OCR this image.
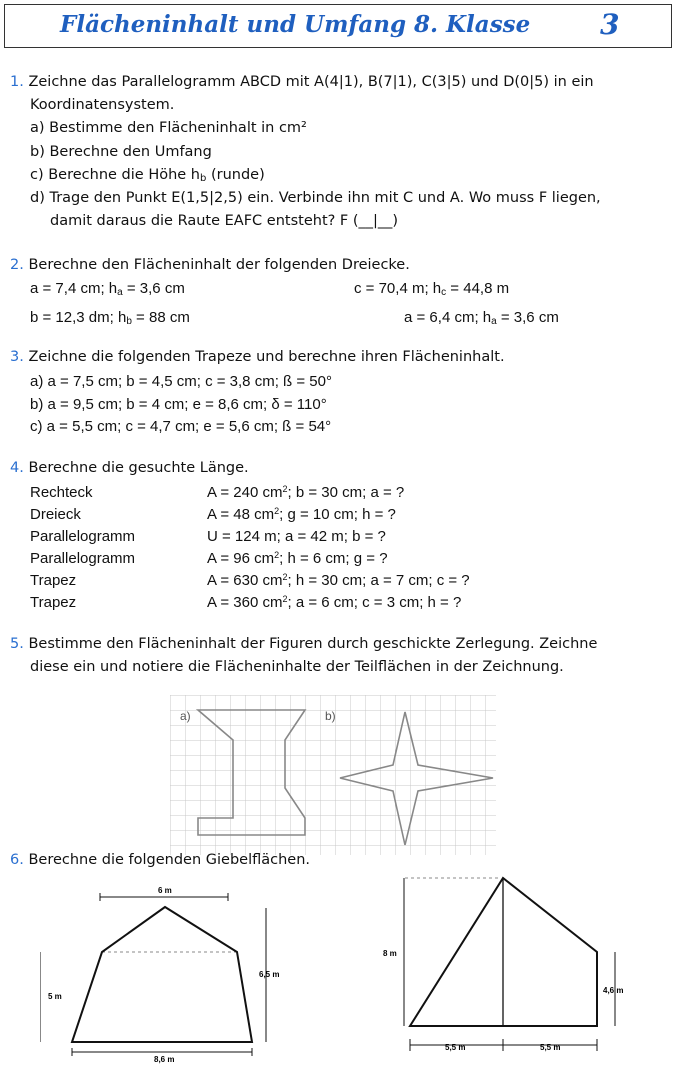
Flächeninhalt und Umfang 8. Klasse 3
1. Zeichne das Parallelogramm ABCD mit A(4|1), B(7|1), C(3|5) und D(0|5) in ein
Koordinatensystem.
a) Bestimme den Flächeninhalt in cm²
b) Berechne den Umfang
c) Berechne die Höhe $h_b$ (runde)
d) Trage den Punkt E(1,5|2,5) ein. Verbinde ihn mit C und A. Wo muss F liegen,
damit daraus die Raute EAFC entsteht? F (__|__)
2. Berechne den Flächeninhalt der folgenden Dreiecke.
a = 7,4 cm; $h_a = 3,6$ cm	c = 70,4 m; $h_c = 44,8$ m
b = 12,3 dm; $h_b = 88$ cm	a = 6,4 cm; $h_a = 3,6$ cm
3. Zeichne die folgenden Trapeze und berechne ihren Flächeninhalt.
a) a = 7,5 cm; b = 4,5 cm; c = 3,8 cm; ß = 50°
b) a = 9,5 cm; b = 4 cm; e = 8,6 cm; δ = 110°
c) a = 5,5 cm; c = 4,7 cm; e = 5,6 cm; ß = 54°
4. Berechne die gesuchte Länge.
Rechteck	A = 240 $cm^2$; b = 30 cm; a = ?
Dreieck	A = 48 $cm^2$; g = 10 cm; h = ?
Parallelogramm	U = 124 m; a = 42 m; b = ?
Parallelogramm	A = 96 $cm^2$; h = 6 cm; g = ?
Trapez	A = 630 $cm^2$; h = 30 cm; a = 7 cm; c = ?
Trapez	A = 360 $cm^2$; a = 6 cm; c = 3 cm; h = ?
5. Bestimme den Flächeninhalt der Figuren durch geschickte Zerlegung. Zeichne
diese ein und notiere die Flächeninhalte der Teilflächen in der Zeichnung.
a)	b)
6. Berechne die folgenden Giebelflächen.
6 m
5 m
6,5 m
8,6 m
8 m
4,6 m
5,5 m	5,5 m
